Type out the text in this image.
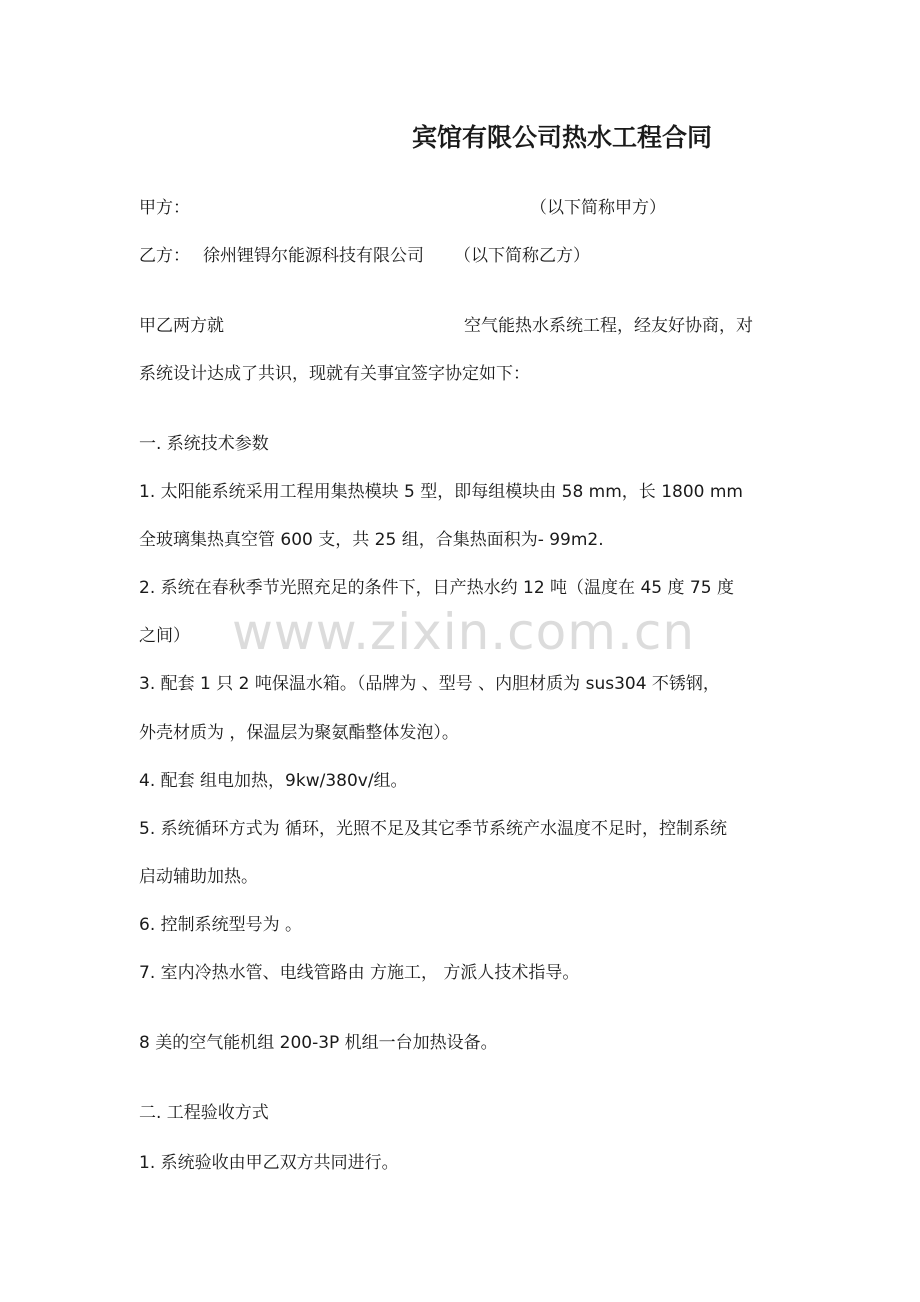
宾馆有限公司热水工程合同
甲方：	（以下简称甲方）
乙方： 徐州锂锝尔能源科技有限公司 （以下简称乙方）
甲乙两方就	空气能热水系统工程，经友好协商，对
系统设计达成了共识，现就有关事宜签字协定如下：
一. 系统技术参数
1. 太阳能系统采用工程用集热模块 5 型，即每组模块由 58 mm，长 1800 mm
全玻璃集热真空管 600 支，共 25 组，合集热面积为- 99m2.
2. 系统在春秋季节光照充足的条件下，日产热水约 12 吨（温度在 45 度 75 度
之间）
3. 配套 1 只 2 吨保温水箱。（品牌为 、型号 、内胆材质为 sus304 不锈钢，
外壳材质为 ，保温层为聚氨酯整体发泡）。
4. 配套 组电加热，9kw/380v/组。
5. 系统循环方式为 循环，光照不足及其它季节系统产水温度不足时，控制系统
启动辅助加热。
6. 控制系统型号为 。
7. 室内冷热水管、电线管路由 方施工， 方派人技术指导。
8 美的空气能机组 200-3P 机组一台加热设备。
二. 工程验收方式
1. 系统验收由甲乙双方共同进行。
www.zixin.com.cn
